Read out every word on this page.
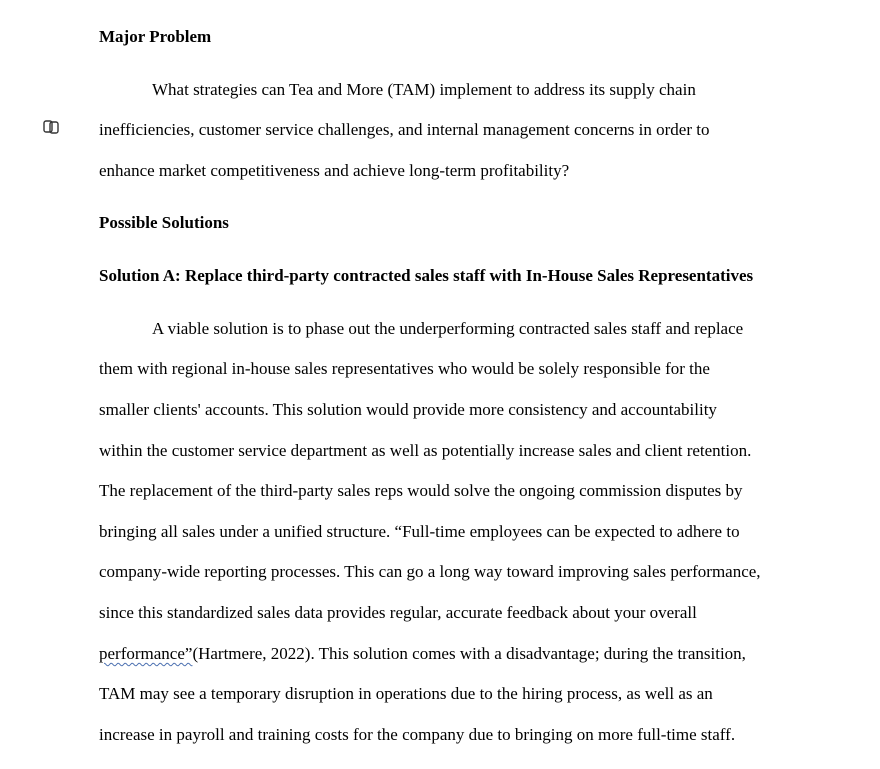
Major Problem
What strategies can Tea and More (TAM) implement to address its supply chain
inefficiencies, customer service challenges, and internal management concerns in order to
enhance market competitiveness and achieve long-term profitability?
Possible Solutions
Solution A: Replace third-party contracted sales staff with In-House Sales Representatives
A viable solution is to phase out the underperforming contracted sales staff and replace
them with regional in-house sales representatives who would be solely responsible for the
smaller clients' accounts. This solution would provide more consistency and accountability
within the customer service department as well as potentially increase sales and client retention.
The replacement of the third-party sales reps would solve the ongoing commission disputes by
bringing all sales under a unified structure. “Full-time employees can be expected to adhere to
company-wide reporting processes. This can go a long way toward improving sales performance,
since this standardized sales data provides regular, accurate feedback about your overall
performance”(Hartmere, 2022). This solution comes with a disadvantage; during the transition,
TAM may see a temporary disruption in operations due to the hiring process, as well as an
increase in payroll and training costs for the company due to bringing on more full-time staff.
